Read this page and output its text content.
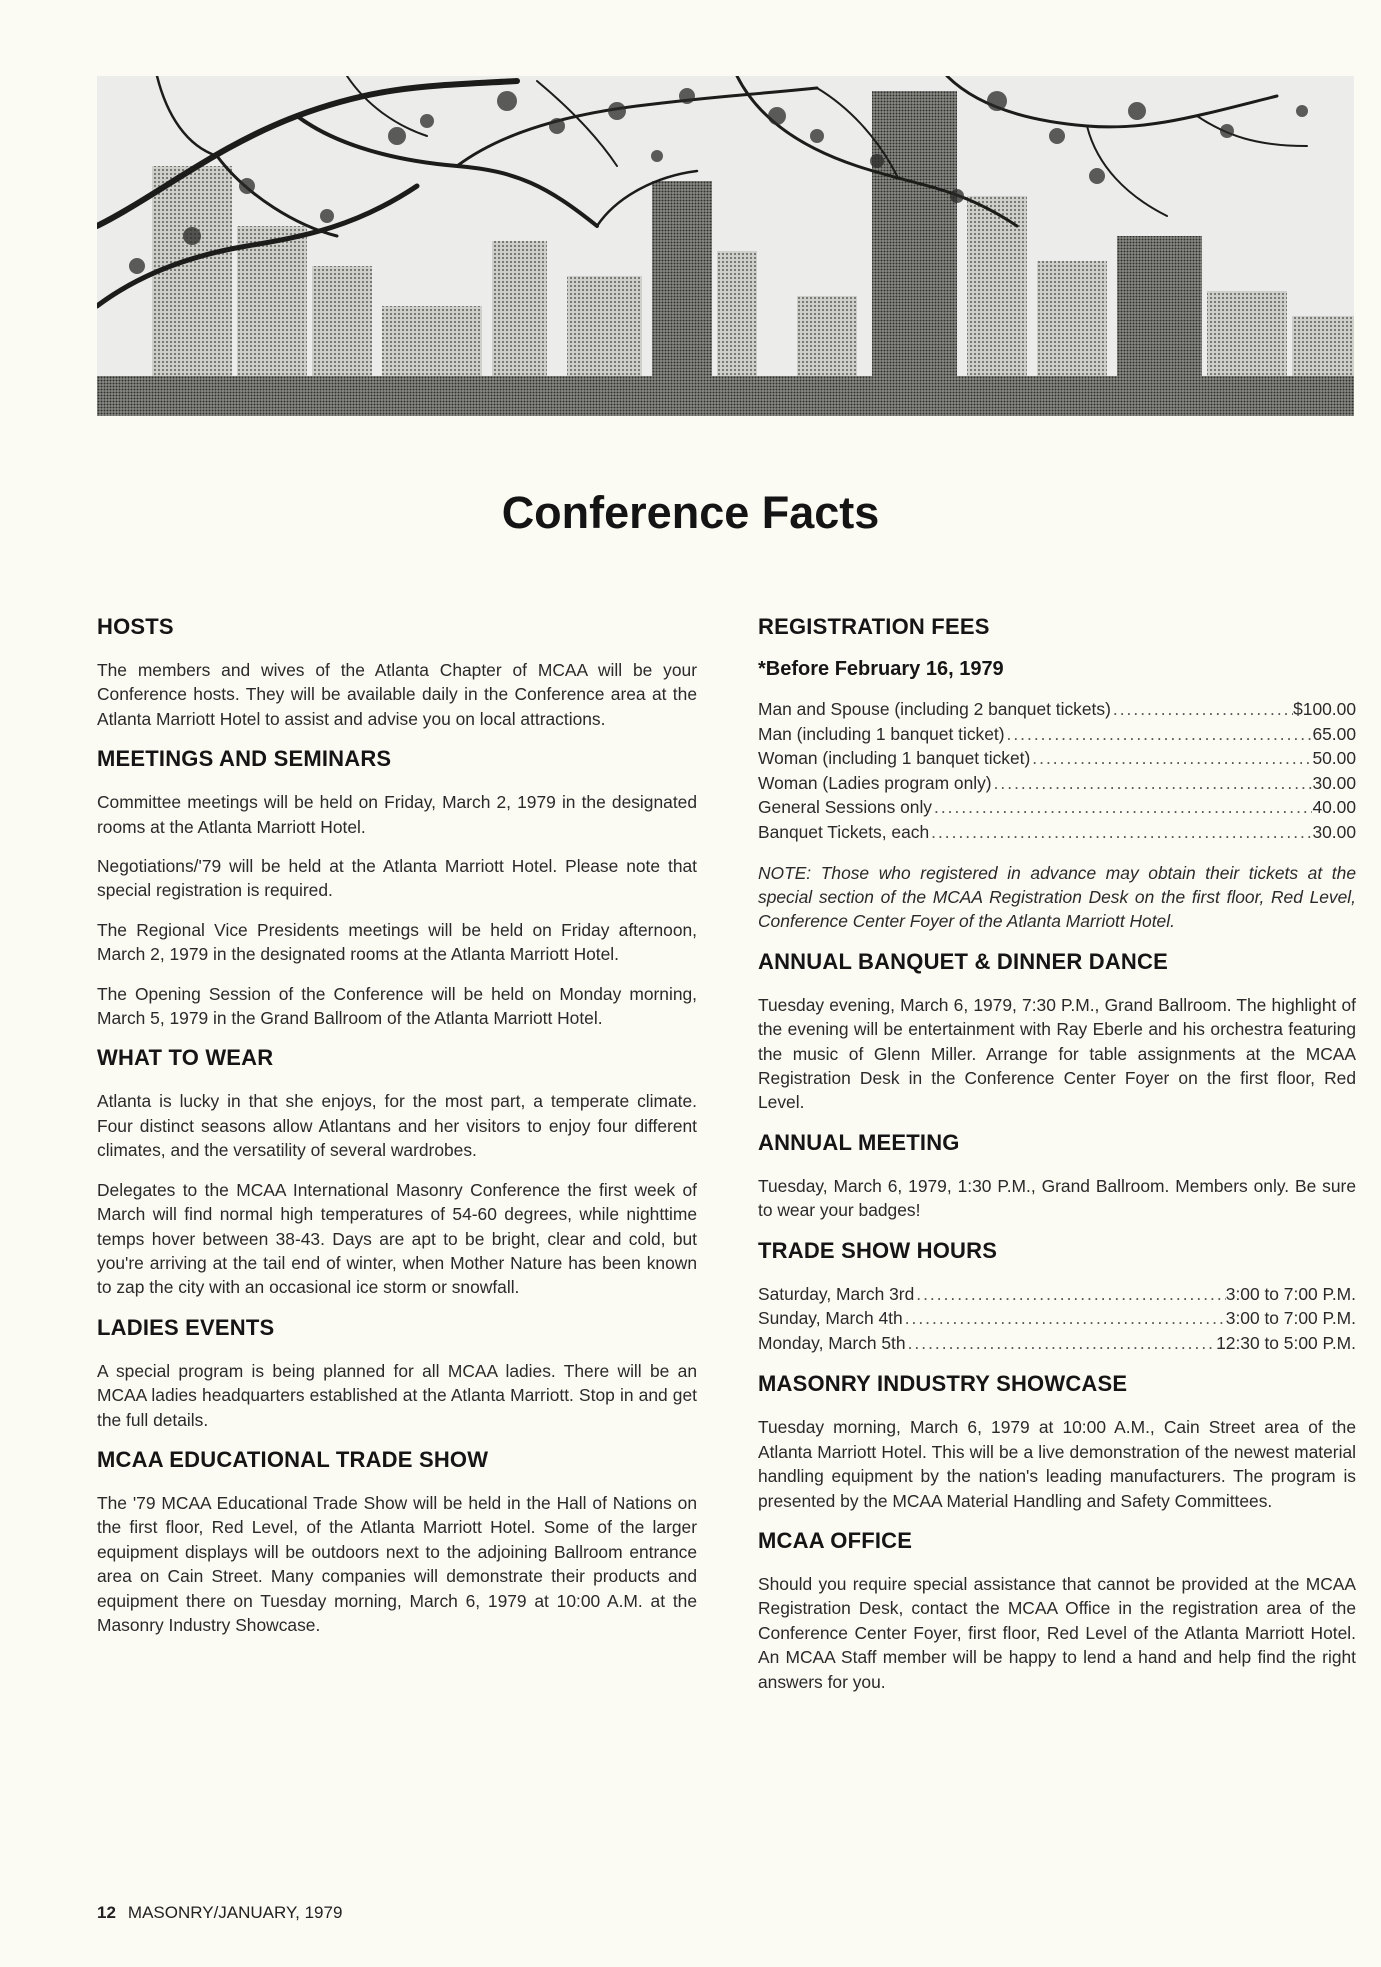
Conference Facts
HOSTS

The members and wives of the Atlanta Chapter of MCAA will be your Conference hosts. They will be available daily in the Conference area at the Atlanta Marriott Hotel to assist and advise you on local attractions.

MEETINGS AND SEMINARS

Committee meetings will be held on Friday, March 2, 1979 in the designated rooms at the Atlanta Marriott Hotel.

Negotiations/'79 will be held at the Atlanta Marriott Hotel. Please note that special registration is required.

The Regional Vice Presidents meetings will be held on Friday afternoon, March 2, 1979 in the designated rooms at the Atlanta Marriott Hotel.

The Opening Session of the Conference will be held on Monday morning, March 5, 1979 in the Grand Ballroom of the Atlanta Marriott Hotel.

WHAT TO WEAR

Atlanta is lucky in that she enjoys, for the most part, a temperate climate. Four distinct seasons allow Atlantans and her visitors to enjoy four different climates, and the versatility of several wardrobes.

Delegates to the MCAA International Masonry Conference the first week of March will find normal high temperatures of 54-60 degrees, while nighttime temps hover between 38-43. Days are apt to be bright, clear and cold, but you're arriving at the tail end of winter, when Mother Nature has been known to zap the city with an occasional ice storm or snowfall.

LADIES EVENTS

A special program is being planned for all MCAA ladies. There will be an MCAA ladies headquarters established at the Atlanta Marriott. Stop in and get the full details.

MCAA EDUCATIONAL TRADE SHOW

The '79 MCAA Educational Trade Show will be held in the Hall of Nations on the first floor, Red Level, of the Atlanta Marriott Hotel. Some of the larger equipment displays will be outdoors next to the adjoining Ballroom entrance area on Cain Street. Many companies will demonstrate their products and equipment there on Tuesday morning, March 6, 1979 at 10:00 A.M. at the Masonry Industry Showcase.

REGISTRATION FEES
*Before February 16, 1979
Man and Spouse (including 2 banquet tickets) .....	$100.00
Man (including 1 banquet ticket) .....	65.00
Woman (including 1 banquet ticket) .....	50.00
Woman (Ladies program only) .....	30.00
General Sessions only .....	40.00
Banquet Tickets, each .....	30.00

NOTE: Those who registered in advance may obtain their tickets at the special section of the MCAA Registration Desk on the first floor, Red Level, Conference Center Foyer of the Atlanta Marriott Hotel.

ANNUAL BANQUET & DINNER DANCE

Tuesday evening, March 6, 1979, 7:30 P.M., Grand Ballroom. The highlight of the evening will be entertainment with Ray Eberle and his orchestra featuring the music of Glenn Miller. Arrange for table assignments at the MCAA Registration Desk in the Conference Center Foyer on the first floor, Red Level.

ANNUAL MEETING

Tuesday, March 6, 1979, 1:30 P.M., Grand Ballroom. Members only. Be sure to wear your badges!

TRADE SHOW HOURS
Saturday, March 3rd .....	3:00 to 7:00 P.M.
Sunday, March 4th .....	3:00 to 7:00 P.M.
Monday, March 5th .....	12:30 to 5:00 P.M.
MASONRY INDUSTRY SHOWCASE

Tuesday morning, March 6, 1979 at 10:00 A.M., Cain Street area of the Atlanta Marriott Hotel. This will be a live demonstration of the newest material handling equipment by the nation's leading manufacturers. The program is presented by the MCAA Material Handling and Safety Committees.

MCAA OFFICE

Should you require special assistance that cannot be provided at the MCAA Registration Desk, contact the MCAA Office in the registration area of the Conference Center Foyer, first floor, Red Level of the Atlanta Marriott Hotel. An MCAA Staff member will be happy to lend a hand and help find the right answers for you.

12 MASONRY/JANUARY, 1979
